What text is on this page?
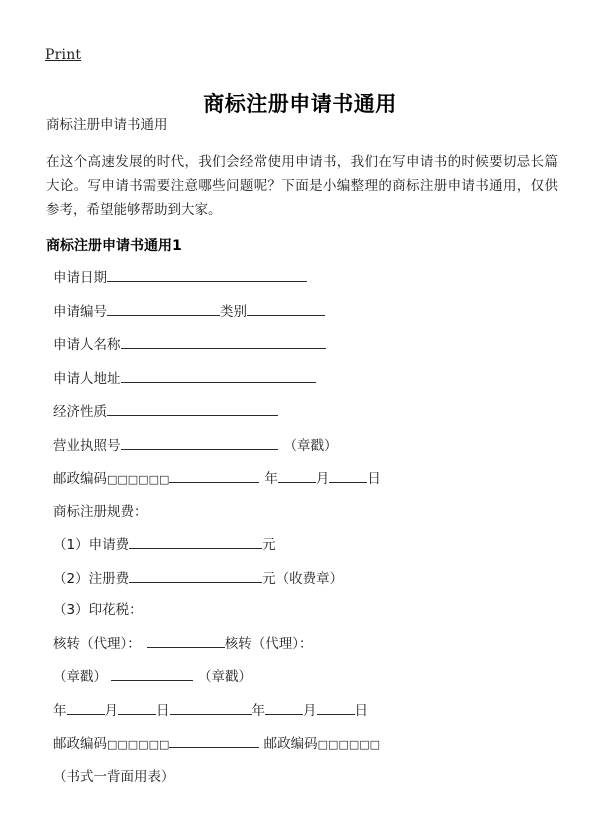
Print
商标注册申请书通用

商标注册申请书通用

在这个高速发展的时代，我们会经常使用申请书，我们在写申请书的时候要切忌长篇大论。写申请书需要注意哪些问题呢？下面是小编整理的商标注册申请书通用，仅供参考，希望能够帮助到大家。

商标注册申请书通用1

申请日期
申请编号	类别
申请人名称
申请人地址
经济性质
营业执照号	（章戳）
邮政编码□□□□□□	年	月	日
商标注册规费：
（1）申请费	元
（2）注册费	元（收费章）
（3）印花税：
核转（代理）：	核转（代理）：
（章戳）	（章戳）
年	月	日	年	月	日
邮政编码□□□□□□	邮政编码□□□□□□
（书式一背面用表）
